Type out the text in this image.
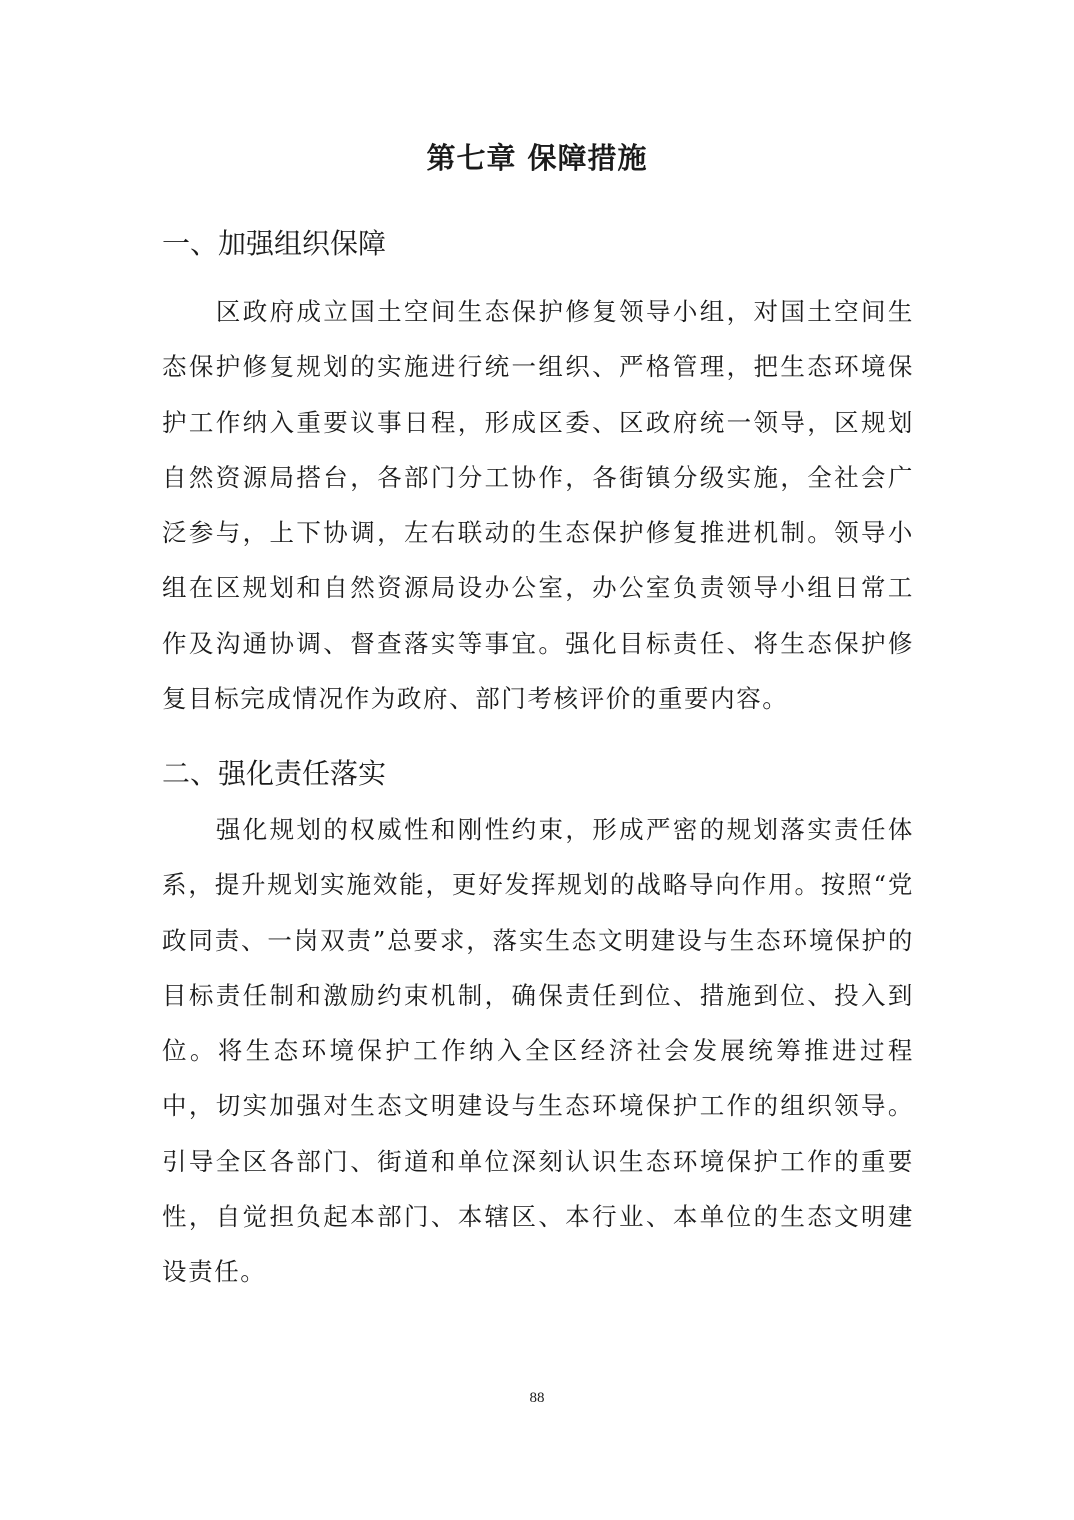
第七章 保障措施
一、加强组织保障

区政府成立国土空间生态保护修复领导小组，对国土空间生态保护修复规划的实施进行统一组织、严格管理，把生态环境保护工作纳入重要议事日程，形成区委、区政府统一领导，区规划自然资源局搭台，各部门分工协作，各街镇分级实施，全社会广泛参与，上下协调，左右联动的生态保护修复推进机制。领导小组在区规划和自然资源局设办公室，办公室负责领导小组日常工作及沟通协调、督查落实等事宜。强化目标责任、将生态保护修复目标完成情况作为政府、部门考核评价的重要内容。

二、强化责任落实

强化规划的权威性和刚性约束，形成严密的规划落实责任体系，提升规划实施效能，更好发挥规划的战略导向作用。按照“党政同责、一岗双责”总要求，落实生态文明建设与生态环境保护的目标责任制和激励约束机制，确保责任到位、措施到位、投入到位。将生态环境保护工作纳入全区经济社会发展统筹推进过程中，切实加强对生态文明建设与生态环境保护工作的组织领导。引导全区各部门、街道和单位深刻认识生态环境保护工作的重要性，自觉担负起本部门、本辖区、本行业、本单位的生态文明建设责任。

88
